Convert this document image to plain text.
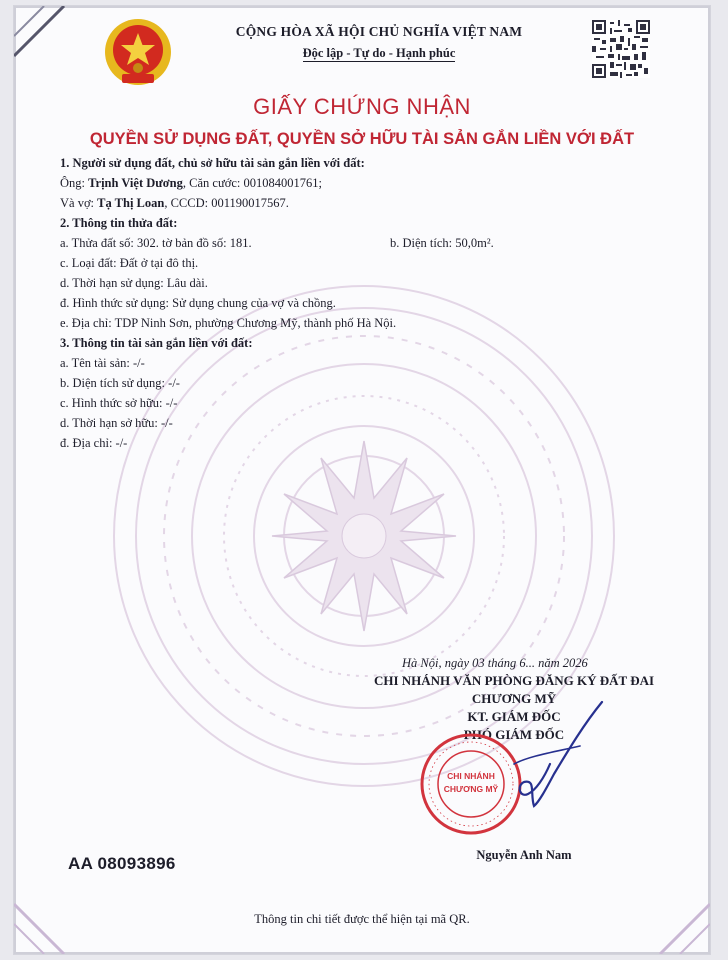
CỘNG HÒA XÃ HỘI CHỦ NGHĨA VIỆT NAM
Độc lập - Tự do - Hạnh phúc
GIẤY CHỨNG NHẬN
QUYỀN SỬ DỤNG ĐẤT, QUYỀN SỞ HỮU TÀI SẢN GẮN LIỀN VỚI ĐẤT
1. Người sử dụng đất, chủ sở hữu tài sản gắn liền với đất:
Ông: Trịnh Việt Dương, Căn cước: 001084001761;
Và vợ: Tạ Thị Loan, CCCD: 001190017567.
2. Thông tin thửa đất:
a. Thửa đất số: 302. tờ bản đồ số: 181.	b. Diện tích: 50,0m².
c. Loại đất: Đất ở tại đô thị.
d. Thời hạn sử dụng: Lâu dài.
đ. Hình thức sử dụng: Sử dụng chung của vợ và chồng.
e. Địa chỉ: TDP Ninh Sơn, phường Chương Mỹ, thành phố Hà Nội.
3. Thông tin tài sản gắn liền với đất:
a. Tên tài sản: -/-
b. Diện tích sử dụng: -/-
c. Hình thức sở hữu: -/-
d. Thời hạn sở hữu: -/-
đ. Địa chỉ: -/-
Hà Nội, ngày 03 tháng 6... năm 2026
CHI NHÁNH VĂN PHÒNG ĐĂNG KÝ ĐẤT ĐAI
CHƯƠNG MỸ
KT. GIÁM ĐỐC
PHÓ GIÁM ĐỐC
CHI NHÁNH
CHƯƠNG MỸ
Nguyễn Anh Nam
AA 08093896
Thông tin chi tiết được thể hiện tại mã QR.
